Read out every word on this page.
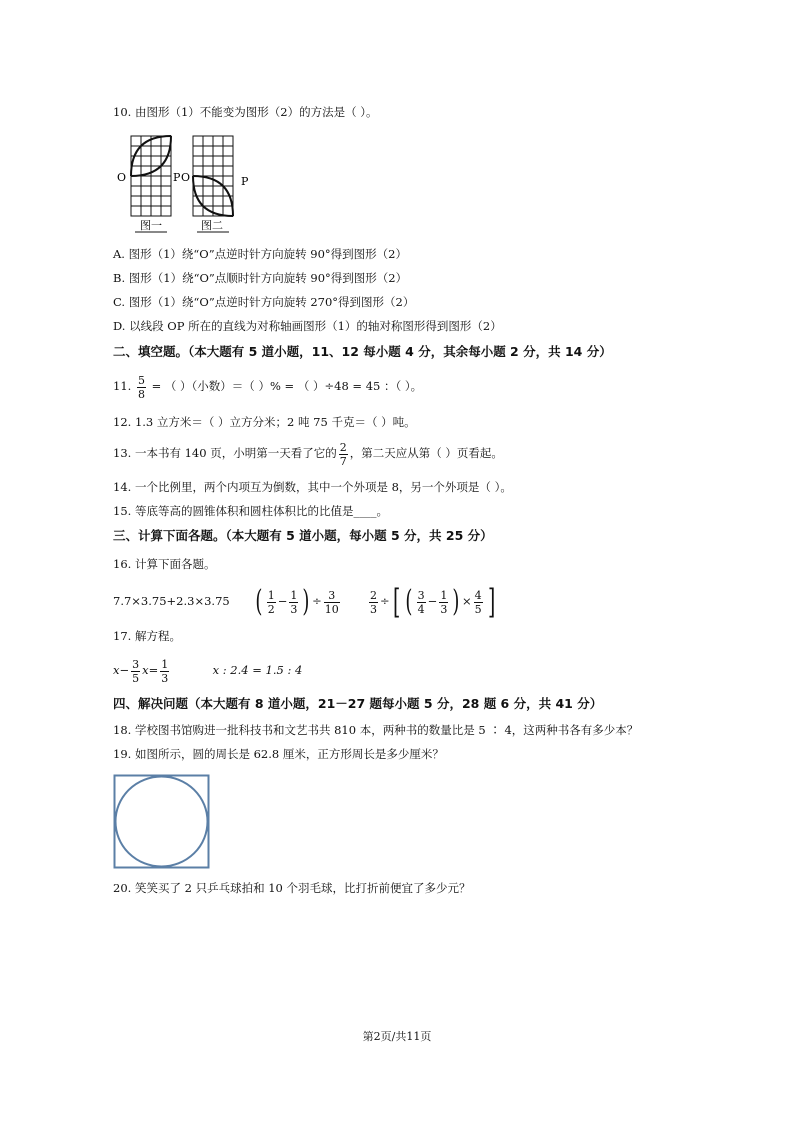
10. 由图形（1）不能变为图形（2）的方法是（ ）。
O	P O	P
图一	图二
A. 图形（1）绕“O”点逆时针方向旋转 90°得到图形（2）
B. 图形（1）绕“O”点顺时针方向旋转 90°得到图形（2）
C. 图形（1）绕“O”点逆时针方向旋转 270°得到图形（2）
D. 以线段 OP 所在的直线为对称轴画图形（1）的轴对称图形得到图形（2）
二、填空题。（本大题有 5 道小题，11、12 每小题 4 分，其余每小题 2 分，共 14 分）
11. $\frac{5}{8}$ = （ ）（小数）＝（ ）% = （ ）÷48 = 45 ：（ ）。
12. 1.3 立方米＝（ ）立方分米；2 吨 75 千克＝（ ）吨。
13. 一本书有 140 页，小明第一天看了它的 $\frac{2}{7}$ ，第二天应从第（ ）页看起。
14. 一个比例里，两个内项互为倒数，其中一个外项是 8，另一个外项是（ ）。
15. 等底等高的圆锥体积和圆柱体积比的比值是____。
三、计算下面各题。（本大题有 5 道小题，每小题 5 分，共 25 分）
16. 计算下面各题。
7.7×3.75+2.3×3.75 ( $\frac{1}{2} - \frac{1}{3}$ ) ÷ $\frac{3}{10}$
	$\frac{2}{3}$ ÷[ ( $\frac{3}{4} - \frac{1}{3}$ ) × $\frac{4}{5}$ ]
17. 解方程。
$x- \frac{3}{5} x= \frac{1}{3}$	x : 2.4 = 1.5 : 4
四、解决问题（本大题有 8 道小题，21－27 题每小题 5 分，28 题 6 分，共 41 分）
18. 学校图书馆购进一批科技书和文艺书共 810 本，两种书的数量比是 5 ∶ 4，这两种书各有多少本？
19. 如图所示，圆的周长是 62.8 厘米，正方形周长是多少厘米？
20. 笑笑买了 2 只乒乓球拍和 10 个羽毛球，比打折前便宜了多少元？
第2页/共11页
